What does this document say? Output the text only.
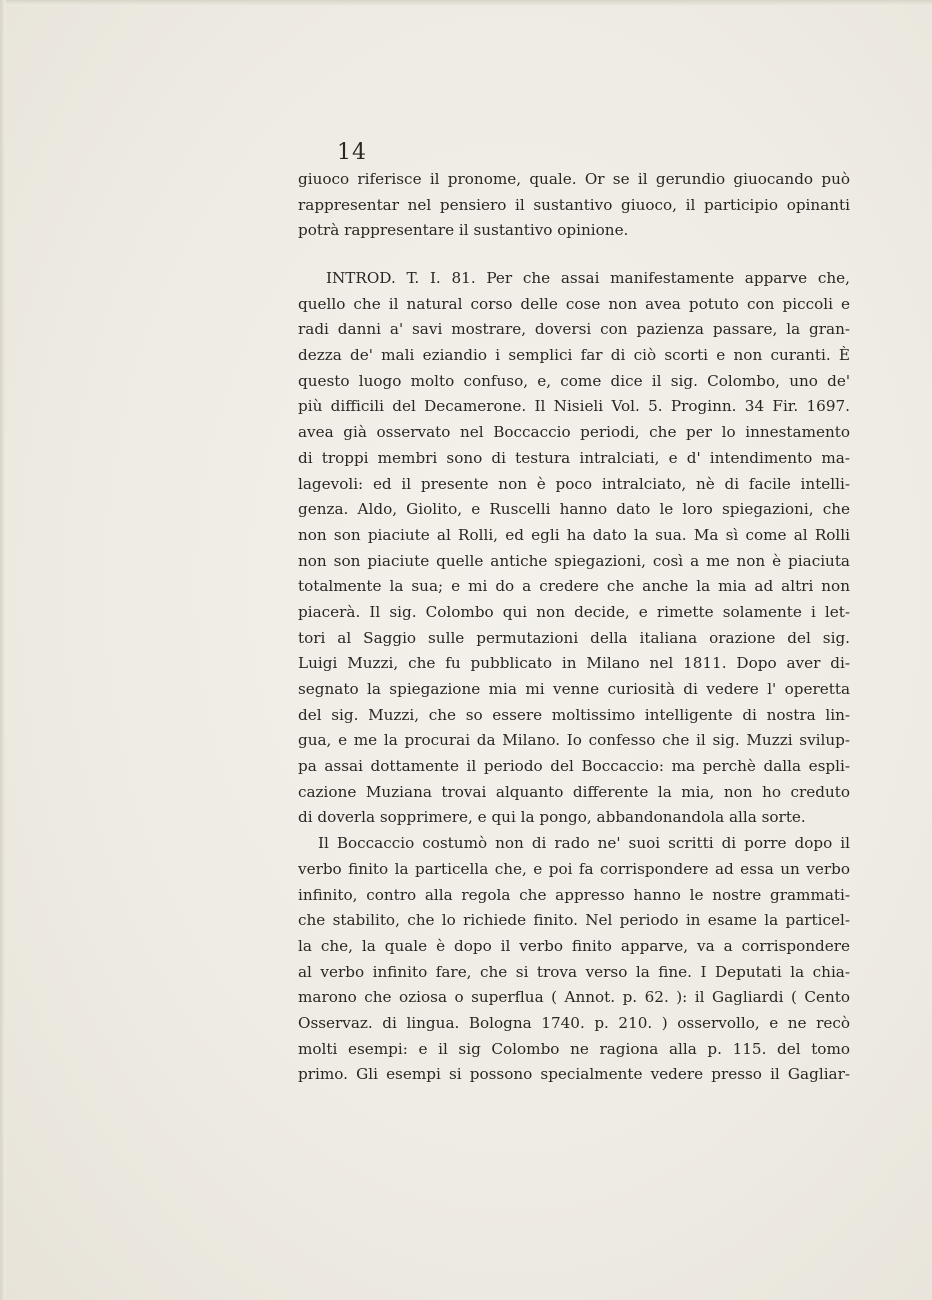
14
giuoco riferisce il pronome, quale. Or se il gerundio giuocando può
rappresentar nel pensiero il sustantivo giuoco, il participio opinanti
potrà rappresentare il sustantivo opinione.
INTROD. T. I. 81. Per che assai manifestamente apparve che,
quello che il natural corso delle cose non avea potuto con piccoli e
radi danni a' savi mostrare, doversi con pazienza passare, la gran-
dezza de' mali eziandio i semplici far di ciò scorti e non curanti. È
questo luogo molto confuso, e, come dice il sig. Colombo, uno de'
più difficili del Decamerone. Il Nisieli Vol. 5. Proginn. 34 Fir. 1697.
avea già osservato nel Boccaccio periodi, che per lo innestamento
di troppi membri sono di testura intralciati, e d' intendimento ma-
lagevoli: ed il presente non è poco intralciato, nè di facile intelli-
genza. Aldo, Giolito, e Ruscelli hanno dato le loro spiegazioni, che
non son piaciute al Rolli, ed egli ha dato la sua. Ma sì come al Rolli
non son piaciute quelle antiche spiegazioni, così a me non è piaciuta
totalmente la sua; e mi do a credere che anche la mia ad altri non
piacerà. Il sig. Colombo qui non decide, e rimette solamente i let-
tori al Saggio sulle permutazioni della italiana orazione del sig.
Luigi Muzzi, che fu pubblicato in Milano nel 1811. Dopo aver di-
segnato la spiegazione mia mi venne curiosità di vedere l' operetta
del sig. Muzzi, che so essere moltissimo intelligente di nostra lin-
gua, e me la procurai da Milano. Io confesso che il sig. Muzzi svilup-
pa assai dottamente il periodo del Boccaccio: ma perchè dalla espli-
cazione Muziana trovai alquanto differente la mia, non ho creduto
di doverla sopprimere, e qui la pongo, abbandonandola alla sorte.
Il Boccaccio costumò non di rado ne' suoi scritti di porre dopo il
verbo finito la particella che, e poi fa corrispondere ad essa un verbo
infinito, contro alla regola che appresso hanno le nostre grammati-
che stabilito, che lo richiede finito. Nel periodo in esame la particel-
la che, la quale è dopo il verbo finito apparve, va a corrispondere
al verbo infinito fare, che si trova verso la fine. I Deputati la chia-
marono che oziosa o superflua ( Annot. p. 62. ): il Gagliardi ( Cento
Osservaz. di lingua. Bologna 1740. p. 210. ) osservollo, e ne recò
molti esempi: e il sig Colombo ne ragiona alla p. 115. del tomo
primo. Gli esempi si possono specialmente vedere presso il Gagliar-
